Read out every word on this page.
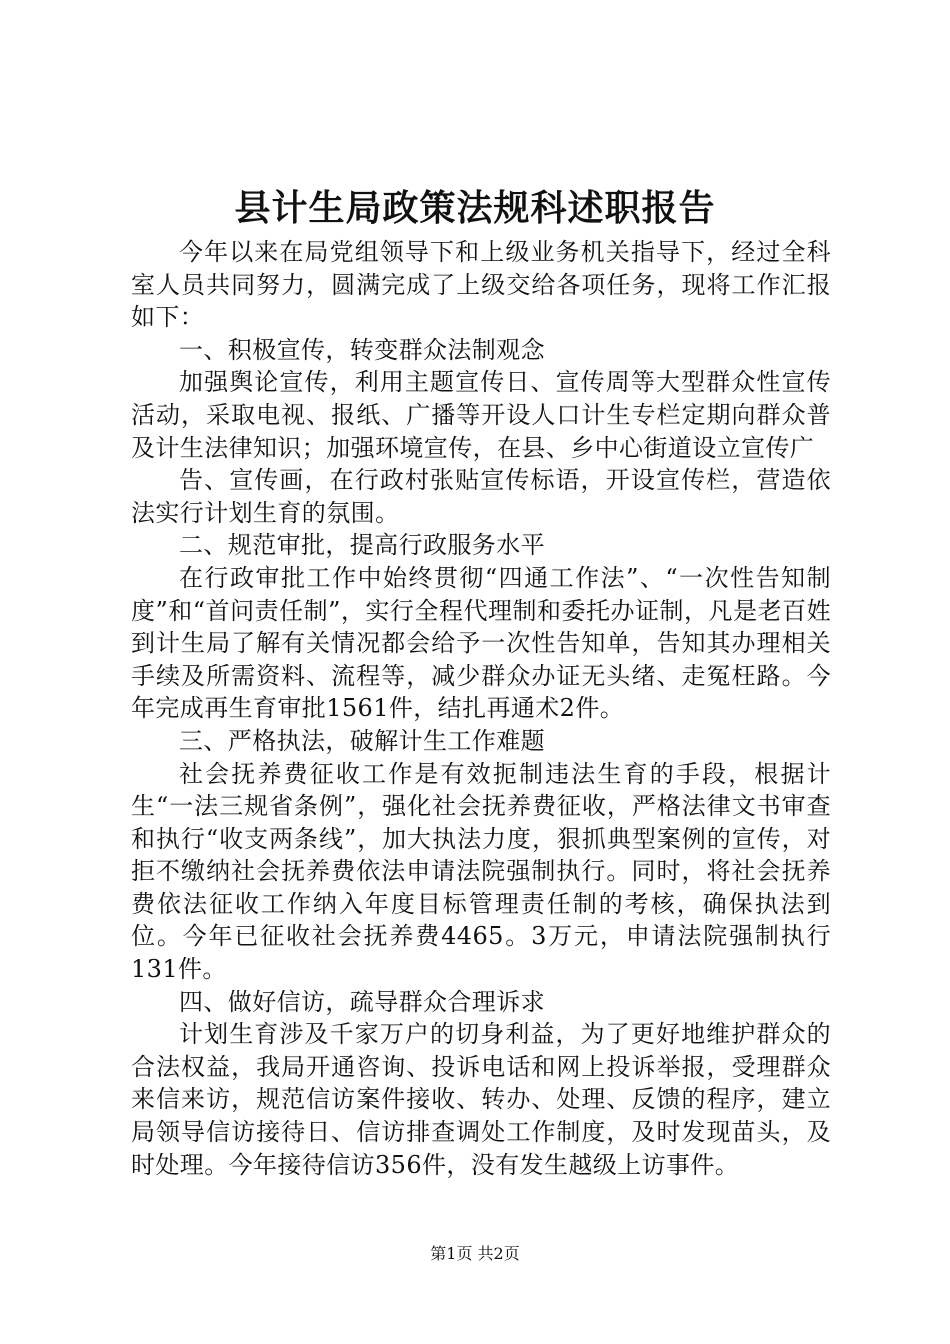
县计生局政策法规科述职报告

今年以来在局党组领导下和上级业务机关指导下，经过全科室人员共同努力，圆满完成了上级交给各项任务，现将工作汇报如下：

一、积极宣传，转变群众法制观念

加强舆论宣传，利用主题宣传日、宣传周等大型群众性宣传活动，采取电视、报纸、广播等开设人口计生专栏定期向群众普及计生法律知识；加强环境宣传，在县、乡中心街道设立宣传广

告、宣传画，在行政村张贴宣传标语，开设宣传栏，营造依法实行计划生育的氛围。

二、规范审批，提高行政服务水平

在行政审批工作中始终贯彻“四通工作法”、“一次性告知制度”和“首问责任制”，实行全程代理制和委托办证制，凡是老百姓到计生局了解有关情况都会给予一次性告知单，告知其办理相关手续及所需资料、流程等，减少群众办证无头绪、走冤枉路。今年完成再生育审批1561件，结扎再通术2件。

三、严格执法，破解计生工作难题

社会抚养费征收工作是有效扼制违法生育的手段，根据计生“一法三规省条例”，强化社会抚养费征收，严格法律文书审查和执行“收支两条线”，加大执法力度，狠抓典型案例的宣传，对拒不缴纳社会抚养费依法申请法院强制执行。同时，将社会抚养费依法征收工作纳入年度目标管理责任制的考核，确保执法到位。今年已征收社会抚养费4465。3万元，申请法院强制执行131件。

四、做好信访，疏导群众合理诉求

计划生育涉及千家万户的切身利益，为了更好地维护群众的合法权益，我局开通咨询、投诉电话和网上投诉举报，受理群众来信来访，规范信访案件接收、转办、处理、反馈的程序，建立局领导信访接待日、信访排查调处工作制度，及时发现苗头，及时处理。今年接待信访356件，没有发生越级上访事件。

第1页 共2页
